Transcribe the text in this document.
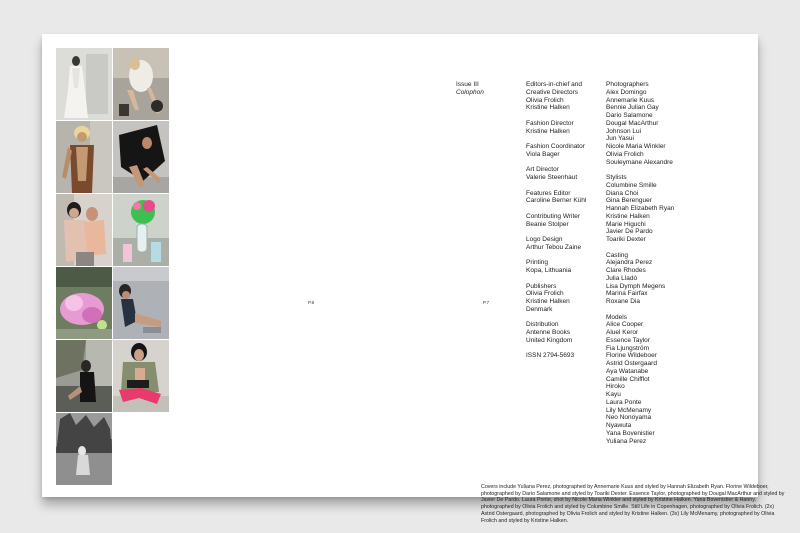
P.6	P.7
Issue III
Colophon
Editors-in-chief and
Creative Directors
Olivia Frolich
Kristine Halken
Fashion Director
Kristine Halken
Fashion Coordinator
Viola Bager
Art Director
Valerie Steenhaut
Features Editor
Caroline Berner Kühl
Contributing Writer
Beanie Stolper
Logo Design
Arthur Tebou Zaine
Printing
Kopa, Lithuania
Publishers
Olivia Frolich
Kristine Halken
Denmark
Distribution
Antenne Books
United Kingdom
ISSN 2794-5693
Photographers
Alex Domingo
Annemarie Kuus
Bennie Julian Gay
Dario Salamone
Dougal MacArthur
Johnson Lui
Jun Yasui
Nicole Maria Winkler
Olivia Frolich
Souleymane Alexandre
Stylists
Columbine Smille
Diana Choi
Gina Berenguer
Hannah Elizabeth Ryan
Kristine Halken
Marie Higuchi
Javier De Pardo
Toariki Dexter
Casting
Alejandra Perez
Clare Rhodes
Julia Lladó
Lisa Dymph Megens
Marina Fairfax
Roxane Dia
Models
Alice Cooper
Aluel Keror
Essence Taylor
Fia Ljungström
Florine Wildeboer
Astrid Ostergaard
Aya Watanabe
Camille Chifflot
Hiroko
Kayu
Laura Ponte
Lily McMenamy
Neo Nonoyama
Nyawuta
Yana Bovenistier
Yuliana Perez
Covers include Yuliana Perez, photographed by Annemarie Kuus and styled by Hannah Elizabeth Ryan. Florine Wildeboer, photographed by Dario Salamone and styled by Toariki Dexter. Essence Taylor, photographed by Dougal MacArthur and styled by Javier De Pardo. Laura Ponte, shot by Nicole Maria Winkler and styled by Kristine Halken. Yana Bovenistier & Hanny, photographed by Olivia Frolich and styled by Columbine Smille. Still Life in Copenhagen, photographed by Olivia Frolich. (2x) Astrid Ostergaard, photographed by Olivia Frolich and styled by Kristine Halken. (3x) Lily McMenamy, photographed by Olivia Frolich and styled by Kristine Halken.
